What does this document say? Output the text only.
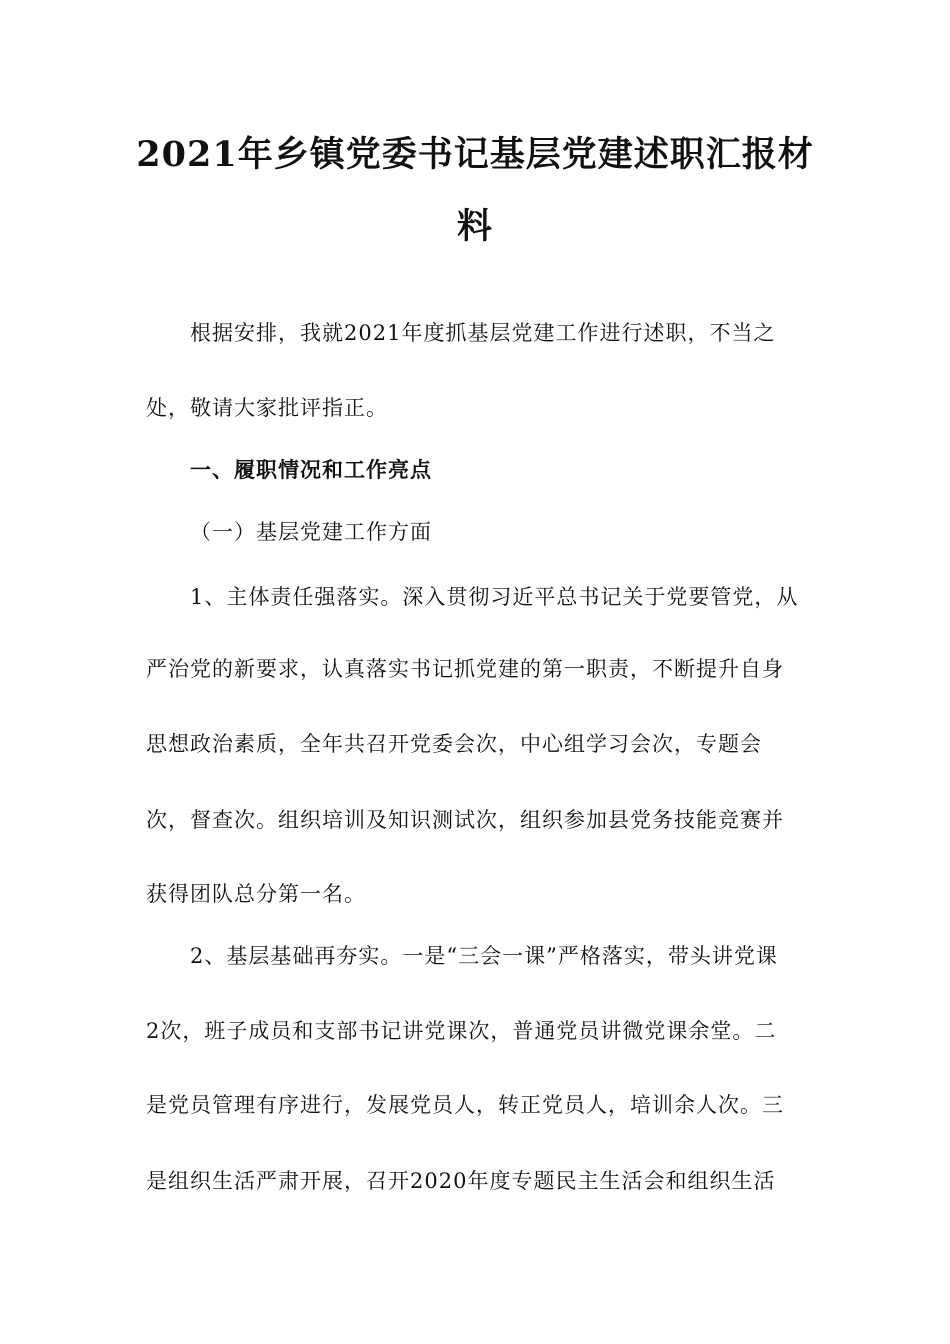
2021年乡镇党委书记基层党建述职汇报材
料
根据安排，我就2021年度抓基层党建工作进行述职，不当之
处，敬请大家批评指正。
一、履职情况和工作亮点
（一）基层党建工作方面
1、主体责任强落实。深入贯彻习近平总书记关于党要管党，从
严治党的新要求，认真落实书记抓党建的第一职责，不断提升自身
思想政治素质，全年共召开党委会次，中心组学习会次，专题会
次，督查次。组织培训及知识测试次，组织参加县党务技能竞赛并
获得团队总分第一名。
2、基层基础再夯实。一是“三会一课”严格落实，带头讲党课
2次，班子成员和支部书记讲党课次，普通党员讲微党课余堂。二
是党员管理有序进行，发展党员人，转正党员人，培训余人次。三
是组织生活严肃开展，召开2020年度专题民主生活会和组织生活
